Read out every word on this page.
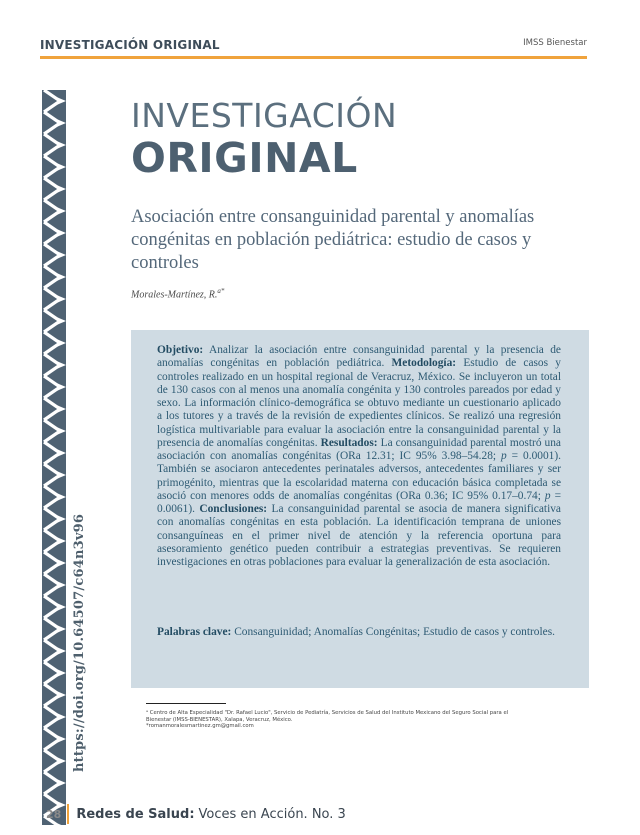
INVESTIGACIÓN ORIGINAL	IMSS Bienestar
https://doi.org/10.64507/c64n3v96
INVESTIGACIÓN
ORIGINAL
Asociación entre consanguinidad parental y anomalías congénitas en población pediátrica: estudio de casos y controles
Morales-Martínez, R.$^{a*}$
Objetivo: Analizar la asociación entre consanguinidad parental y la presencia de anomalías congénitas en población pediátrica. Metodología: Estudio de casos y controles realizado en un hospital regional de Veracruz, México. Se incluyeron un total de 130 casos con al menos una anomalía congénita y 130 controles pareados por edad y sexo. La información clínico-demográfica se obtuvo mediante un cuestionario aplicado a los tutores y a través de la revisión de expedientes clínicos. Se realizó una regresión logística multivariable para evaluar la asociación entre la consanguinidad parental y la presencia de anomalías congénitas. Resultados: La consanguinidad parental mostró una asociación con anomalías congénitas (ORa 12.31; IC 95% 3.98–54.28; p = 0.0001). También se asociaron antecedentes perinatales adversos, antecedentes familiares y ser primogénito, mientras que la escolaridad materna con educación básica completada se asoció con menores odds de anomalías congénitas (ORa 0.36; IC 95% 0.17–0.74; p = 0.0061). Conclusiones: La consanguinidad parental se asocia de manera significativa con anomalías congénitas en esta población. La identificación temprana de uniones consanguíneas en el primer nivel de atención y la referencia oportuna para asesoramiento genético pueden contribuir a estrategias preventivas. Se requieren investigaciones en otras poblaciones para evaluar la generalización de esta asociación.
Palabras clave: Consanguinidad; Anomalías Congénitas; Estudio de casos y controles.
ᵃ Centro de Alta Especialidad "Dr. Rafael Lucio", Servicio de Pediatría, Servicios de Salud del Instituto Mexicano del Seguro Social para el Bienestar (IMSS-BIENESTAR), Xalapa, Veracruz, México.
*romanmoralesmartinez.gm@gmail.com
28 Redes de Salud: Voces en Acción. No. 3
